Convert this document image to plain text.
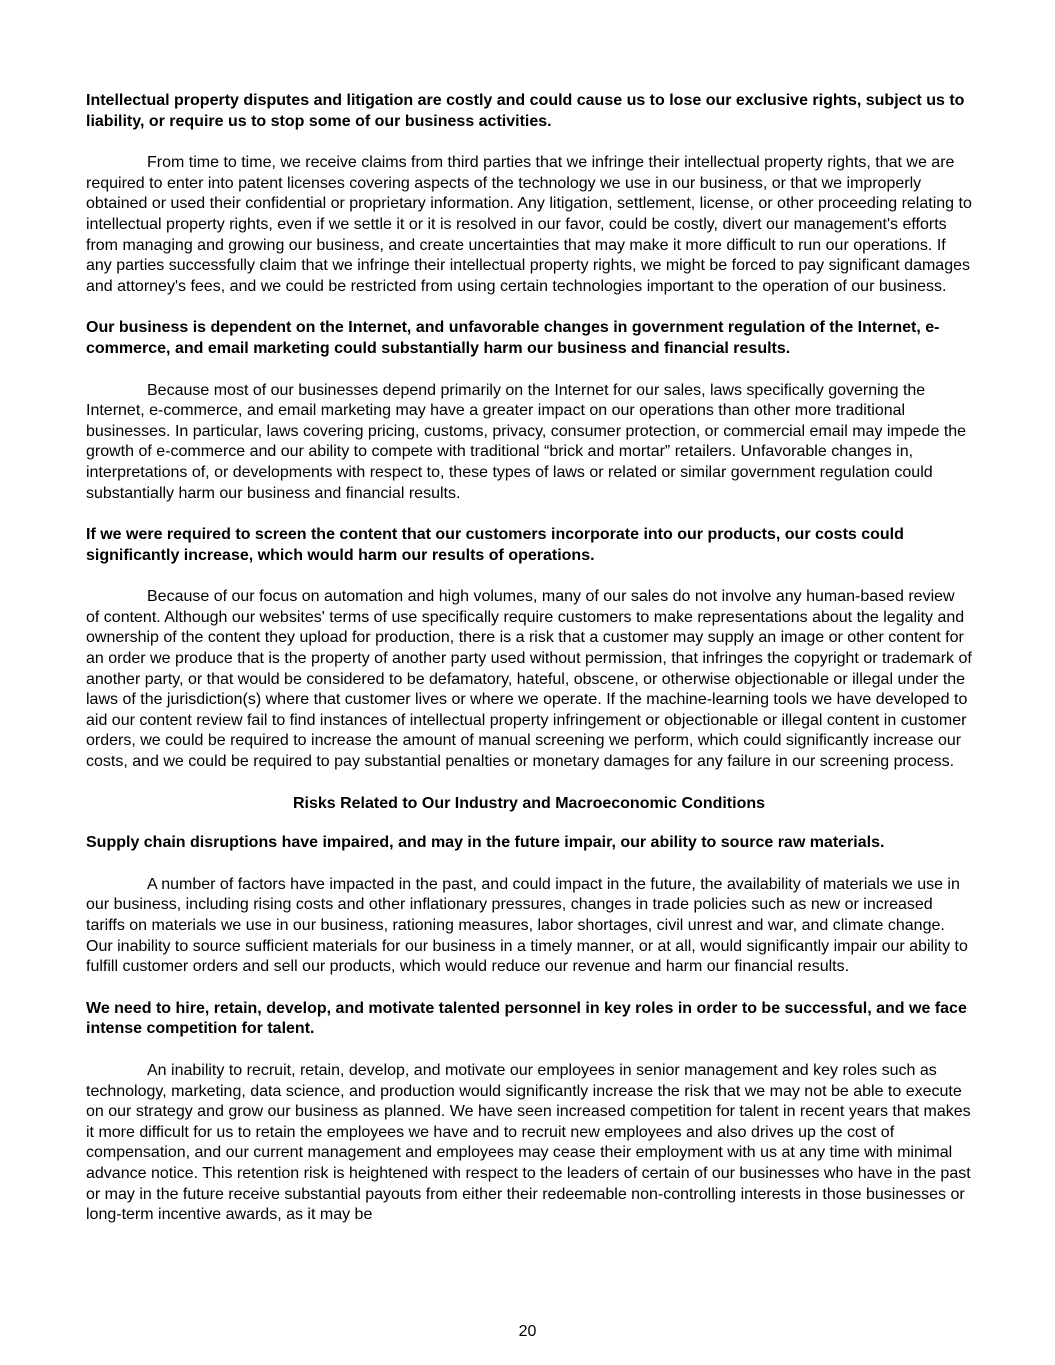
Intellectual property disputes and litigation are costly and could cause us to lose our exclusive rights, subject us to liability, or require us to stop some of our business activities.

From time to time, we receive claims from third parties that we infringe their intellectual property rights, that we are required to enter into patent licenses covering aspects of the technology we use in our business, or that we improperly obtained or used their confidential or proprietary information. Any litigation, settlement, license, or other proceeding relating to intellectual property rights, even if we settle it or it is resolved in our favor, could be costly, divert our management's efforts from managing and growing our business, and create uncertainties that may make it more difficult to run our operations. If any parties successfully claim that we infringe their intellectual property rights, we might be forced to pay significant damages and attorney's fees, and we could be restricted from using certain technologies important to the operation of our business.

Our business is dependent on the Internet, and unfavorable changes in government regulation of the Internet, e-commerce, and email marketing could substantially harm our business and financial results.

Because most of our businesses depend primarily on the Internet for our sales, laws specifically governing the Internet, e-commerce, and email marketing may have a greater impact on our operations than other more traditional businesses. In particular, laws covering pricing, customs, privacy, consumer protection, or commercial email may impede the growth of e-commerce and our ability to compete with traditional “brick and mortar” retailers. Unfavorable changes in, interpretations of, or developments with respect to, these types of laws or related or similar government regulation could substantially harm our business and financial results.

If we were required to screen the content that our customers incorporate into our products, our costs could significantly increase, which would harm our results of operations.

Because of our focus on automation and high volumes, many of our sales do not involve any human-based review of content. Although our websites' terms of use specifically require customers to make representations about the legality and ownership of the content they upload for production, there is a risk that a customer may supply an image or other content for an order we produce that is the property of another party used without permission, that infringes the copyright or trademark of another party, or that would be considered to be defamatory, hateful, obscene, or otherwise objectionable or illegal under the laws of the jurisdiction(s) where that customer lives or where we operate. If the machine-learning tools we have developed to aid our content review fail to find instances of intellectual property infringement or objectionable or illegal content in customer orders, we could be required to increase the amount of manual screening we perform, which could significantly increase our costs, and we could be required to pay substantial penalties or monetary damages for any failure in our screening process.

Risks Related to Our Industry and Macroeconomic Conditions

Supply chain disruptions have impaired, and may in the future impair, our ability to source raw materials.

A number of factors have impacted in the past, and could impact in the future, the availability of materials we use in our business, including rising costs and other inflationary pressures, changes in trade policies such as new or increased tariffs on materials we use in our business, rationing measures, labor shortages, civil unrest and war, and climate change. Our inability to source sufficient materials for our business in a timely manner, or at all, would significantly impair our ability to fulfill customer orders and sell our products, which would reduce our revenue and harm our financial results.

We need to hire, retain, develop, and motivate talented personnel in key roles in order to be successful, and we face intense competition for talent.

An inability to recruit, retain, develop, and motivate our employees in senior management and key roles such as technology, marketing, data science, and production would significantly increase the risk that we may not be able to execute on our strategy and grow our business as planned. We have seen increased competition for talent in recent years that makes it more difficult for us to retain the employees we have and to recruit new employees and also drives up the cost of compensation, and our current management and employees may cease their employment with us at any time with minimal advance notice. This retention risk is heightened with respect to the leaders of certain of our businesses who have in the past or may in the future receive substantial payouts from either their redeemable non-controlling interests in those businesses or long-term incentive awards, as it may be

20
